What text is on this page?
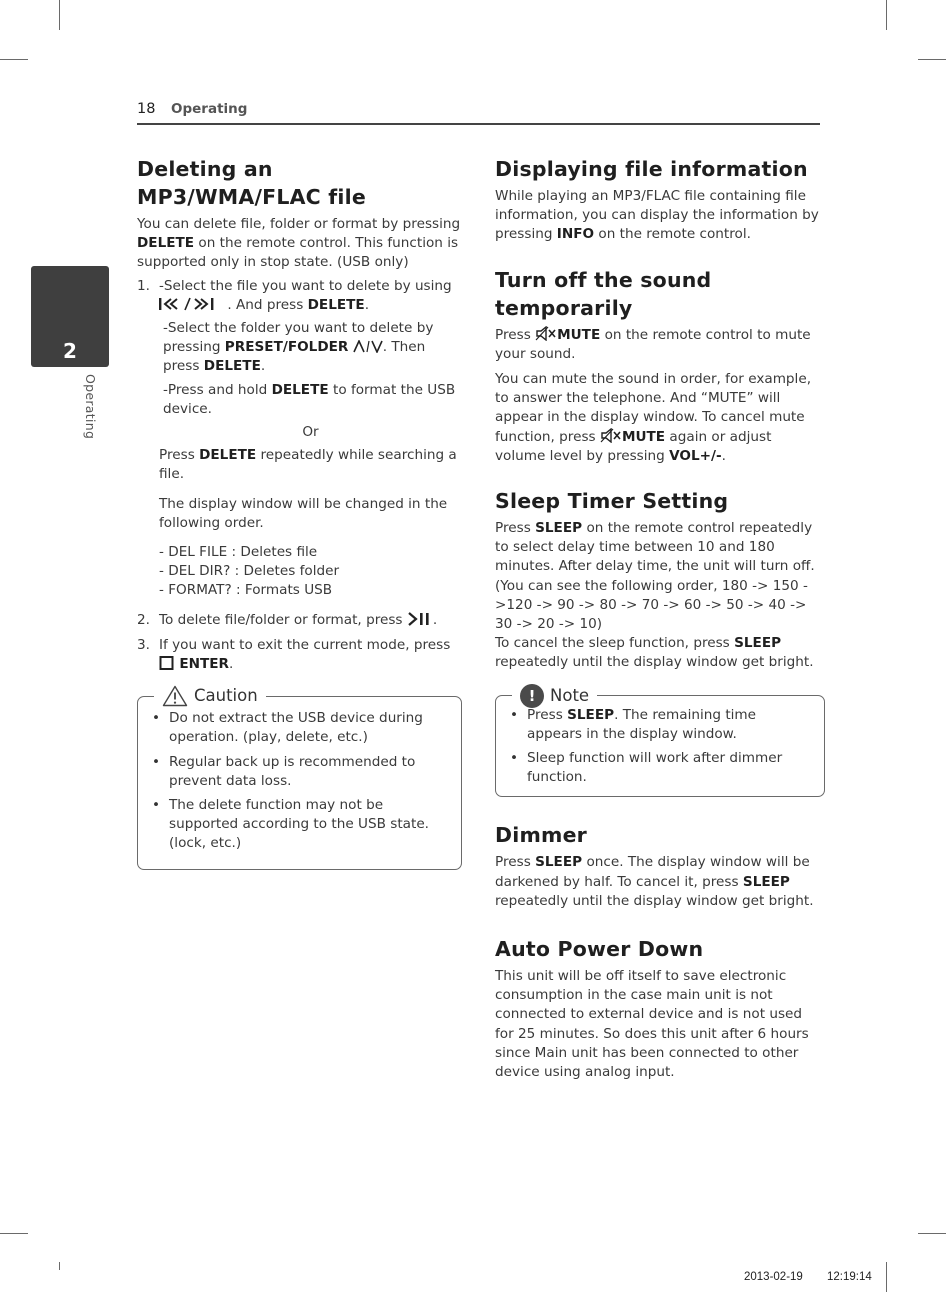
18 Operating
2
Operating
Deleting an MP3/WMA/FLAC file

You can delete file, folder or format by pressing DELETE on the remote control. This function is supported only in stop state. (USB only)

1. -Select the file you want to delete by using
. And press DELETE.

-Select the folder you want to delete by pressing PRESET/FOLDER	. Then press DELETE.

-Press and hold DELETE to format the USB device.

Or

Press DELETE repeatedly while searching a file.

The display window will be changed in the following order.

- DEL FILE : Deletes file
- DEL DIR? : Deletes folder
- FORMAT? : Formats USB
2. To delete file/folder or format, press .
3. If you want to exit the current mode, press
ENTER.
Caution
• Do not extract the USB device during operation. (play, delete, etc.)
• Regular back up is recommended to prevent data loss.
• The delete function may not be supported according to the USB state. (lock, etc.)
Displaying file information

While playing an MP3/FLAC file containing file information, you can display the information by pressing INFO on the remote control.

Turn off the sound temporarily

Press MUTE on the remote control to mute your sound.

You can mute the sound in order, for example, to answer the telephone. And “MUTE” will appear in the display window. To cancel mute function, press MUTE again or adjust volume level by pressing VOL+/-.

Sleep Timer Setting

Press SLEEP on the remote control repeatedly to select delay time between 10 and 180 minutes. After delay time, the unit will turn off. (You can see the following order, 180 -> 150 ->120 -> 90 -> 80 -> 70 -> 60 -> 50 -> 40 -> 30 -> 20 -> 10)

To cancel the sleep function, press SLEEP repeatedly until the display window get bright.

! Note
• Press SLEEP. The remaining time appears in the display window.
• Sleep function will work after dimmer function.
Dimmer

Press SLEEP once. The display window will be darkened by half. To cancel it, press SLEEP repeatedly until the display window get bright.

Auto Power Down

This unit will be off itself to save electronic consumption in the case main unit is not connected to external device and is not used for 25 minutes. So does this unit after 6 hours since Main unit has been connected to other device using analog input.

2013-02-19 12:19:14
